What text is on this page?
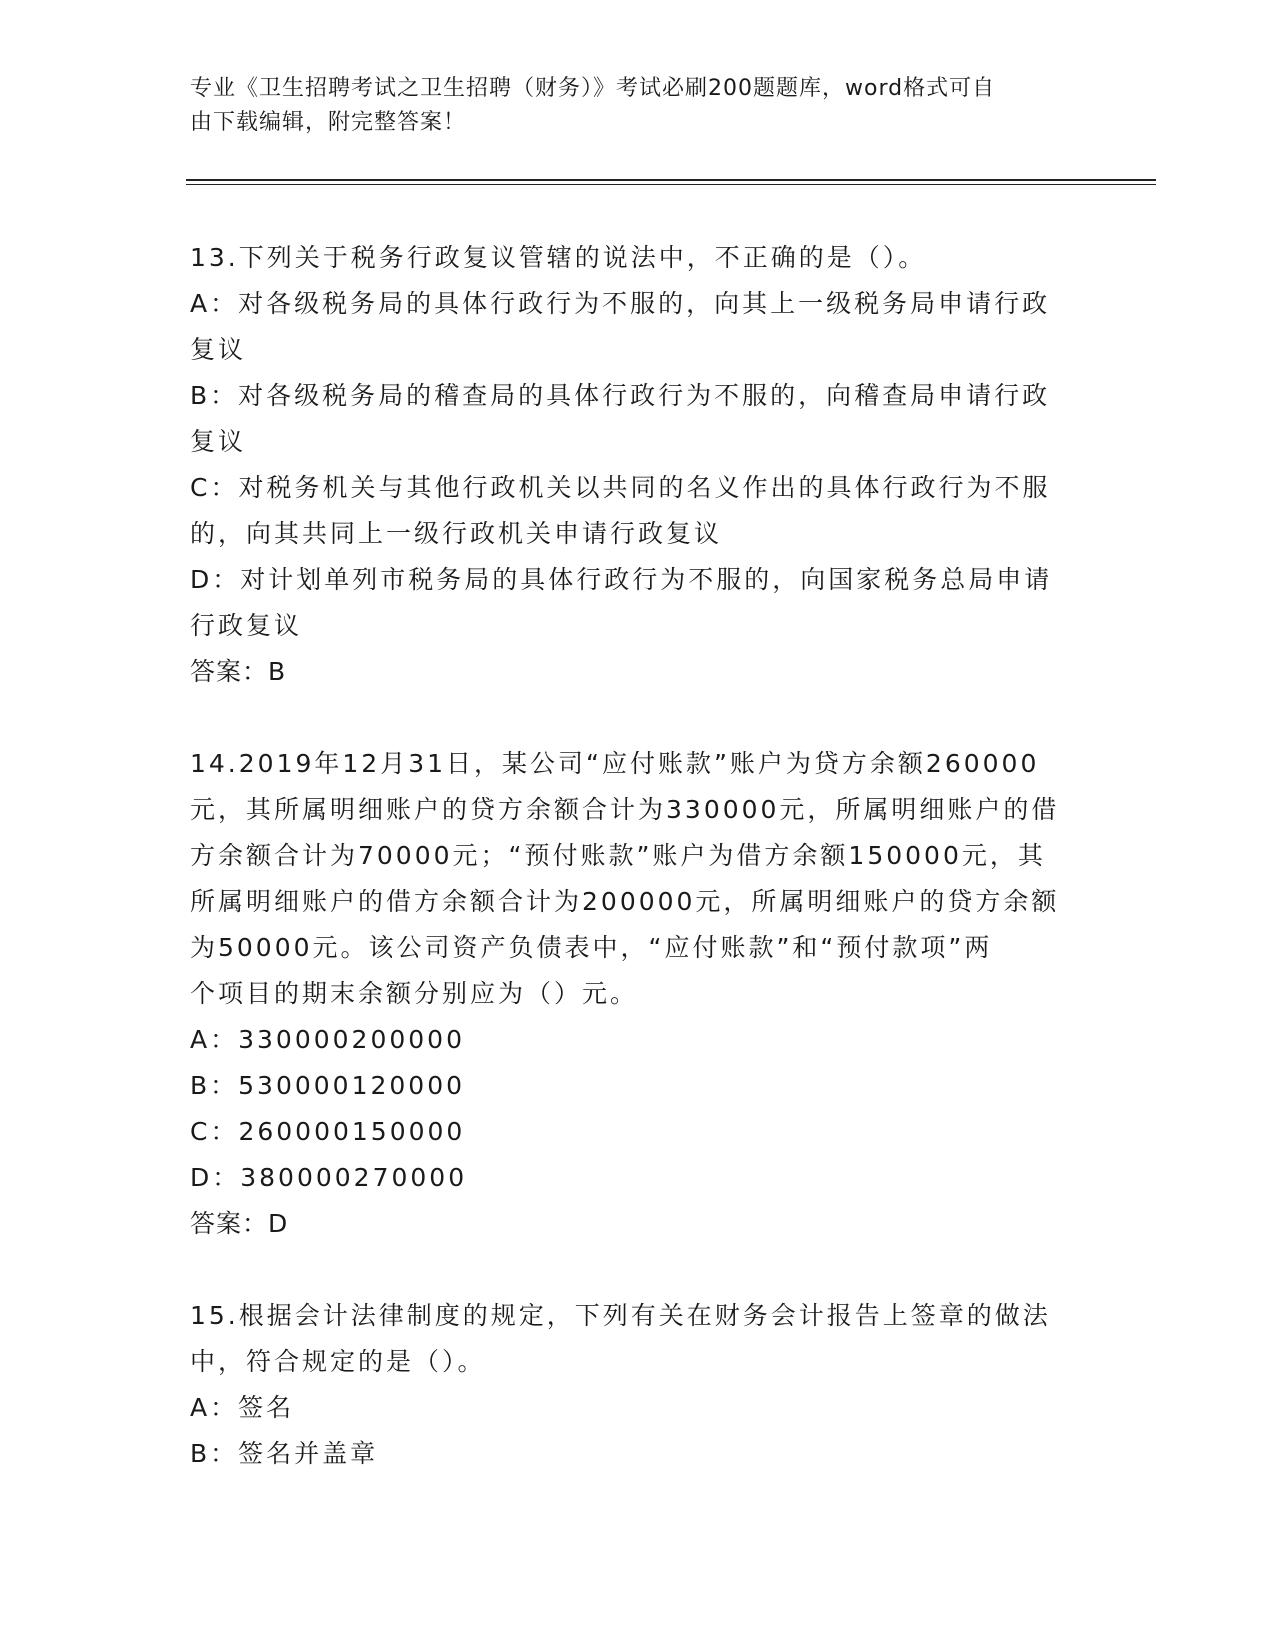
专业《卫生招聘考试之卫生招聘（财务）》考试必刷200题题库，word格式可自
由下载编辑，附完整答案！

13.下列关于税务行政复议管辖的说法中，不正确的是（）。

A：对各级税务局的具体行政行为不服的，向其上一级税务局申请行政

复议

B：对各级税务局的稽查局的具体行政行为不服的，向稽查局申请行政

复议

C：对税务机关与其他行政机关以共同的名义作出的具体行政行为不服

的，向其共同上一级行政机关申请行政复议

D：对计划单列市税务局的具体行政行为不服的，向国家税务总局申请

行政复议

答案：B

14.2019年12月31日，某公司“应付账款”账户为贷方余额260000

元，其所属明细账户的贷方余额合计为330000元，所属明细账户的借

方余额合计为70000元；“预付账款”账户为借方余额150000元，其

所属明细账户的借方余额合计为200000元，所属明细账户的贷方余额

为50000元。该公司资产负债表中，“应付账款”和“预付款项”两

个项目的期末余额分别应为（）元。

A：330000200000

B：530000120000

C：260000150000

D：380000270000

答案：D

15.根据会计法律制度的规定，下列有关在财务会计报告上签章的做法

中，符合规定的是（）。

A：签名

B：签名并盖章
